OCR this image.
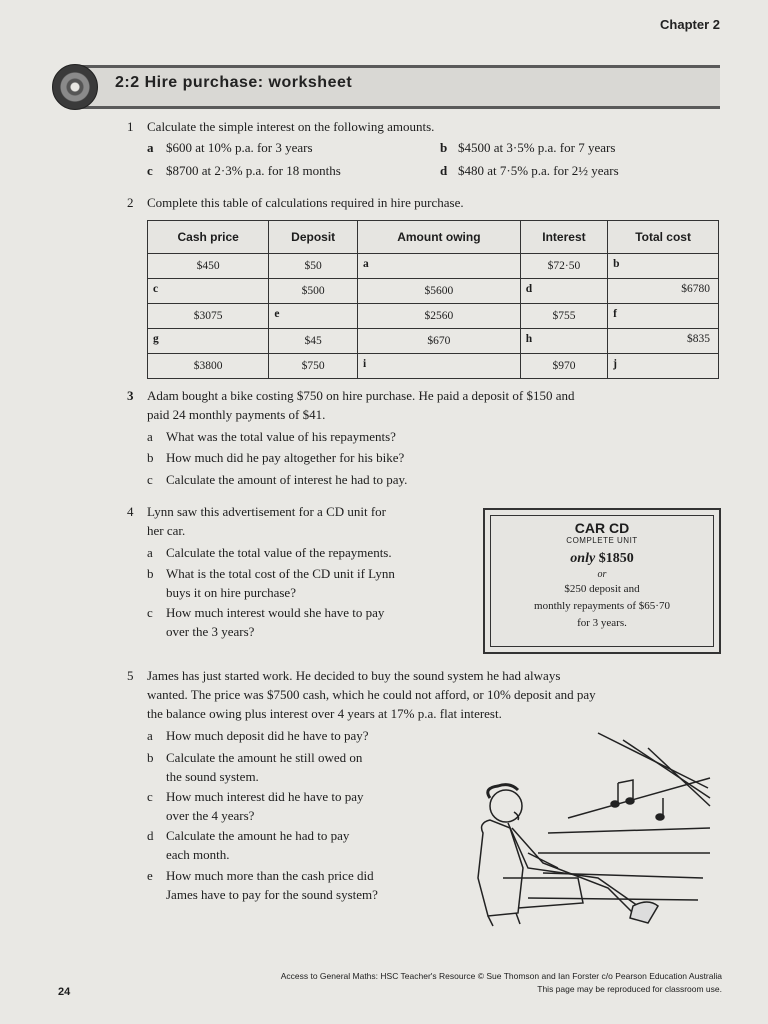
Chapter 2
2:2 Hire purchase: worksheet
1 Calculate the simple interest on the following amounts.
a $600 at 10% p.a. for 3 years	b $4500 at 3·5% p.a. for 7 years
c $8700 at 2·3% p.a. for 18 months	d $480 at 7·5% p.a. for 2½ years
2 Complete this table of calculations required in hire purchase.
Cash price	Deposit	Amount owing	Interest	Total cost
$450	$50	a	$72·50	b

c	$500	$5600	d	$6780

$3075	e	$2560	$755	f

g	$45	$670	h	$835

$3800	$750	i	$970	j
3 Adam bought a bike costing $750 on hire purchase. He paid a deposit of $150 and
paid 24 monthly payments of $41.
a What was the total value of his repayments?
b How much did he pay altogether for his bike?
c Calculate the amount of interest he had to pay.
4 Lynn saw this advertisement for a CD unit for
her car.
a Calculate the total value of the repayments.
b What is the total cost of the CD unit if Lynn
buys it on hire purchase?
c How much interest would she have to pay
over the 3 years?
CAR CD
COMPLETE UNIT
only $1850
or
$250 deposit and
monthly repayments of $65·70
for 3 years.
5 James has just started work. He decided to buy the sound system he had always
wanted. The price was $7500 cash, which he could not afford, or 10% deposit and pay
the balance owing plus interest over 4 years at 17% p.a. flat interest.
a How much deposit did he have to pay?
b Calculate the amount he still owed on
the sound system.
c How much interest did he have to pay
over the 4 years?
d Calculate the amount he had to pay
each month.
e How much more than the cash price did
James have to pay for the sound system?
Access to General Maths: HSC Teacher's Resource © Sue Thomson and Ian Forster c/o Pearson Education Australia
This page may be reproduced for classroom use.
24
